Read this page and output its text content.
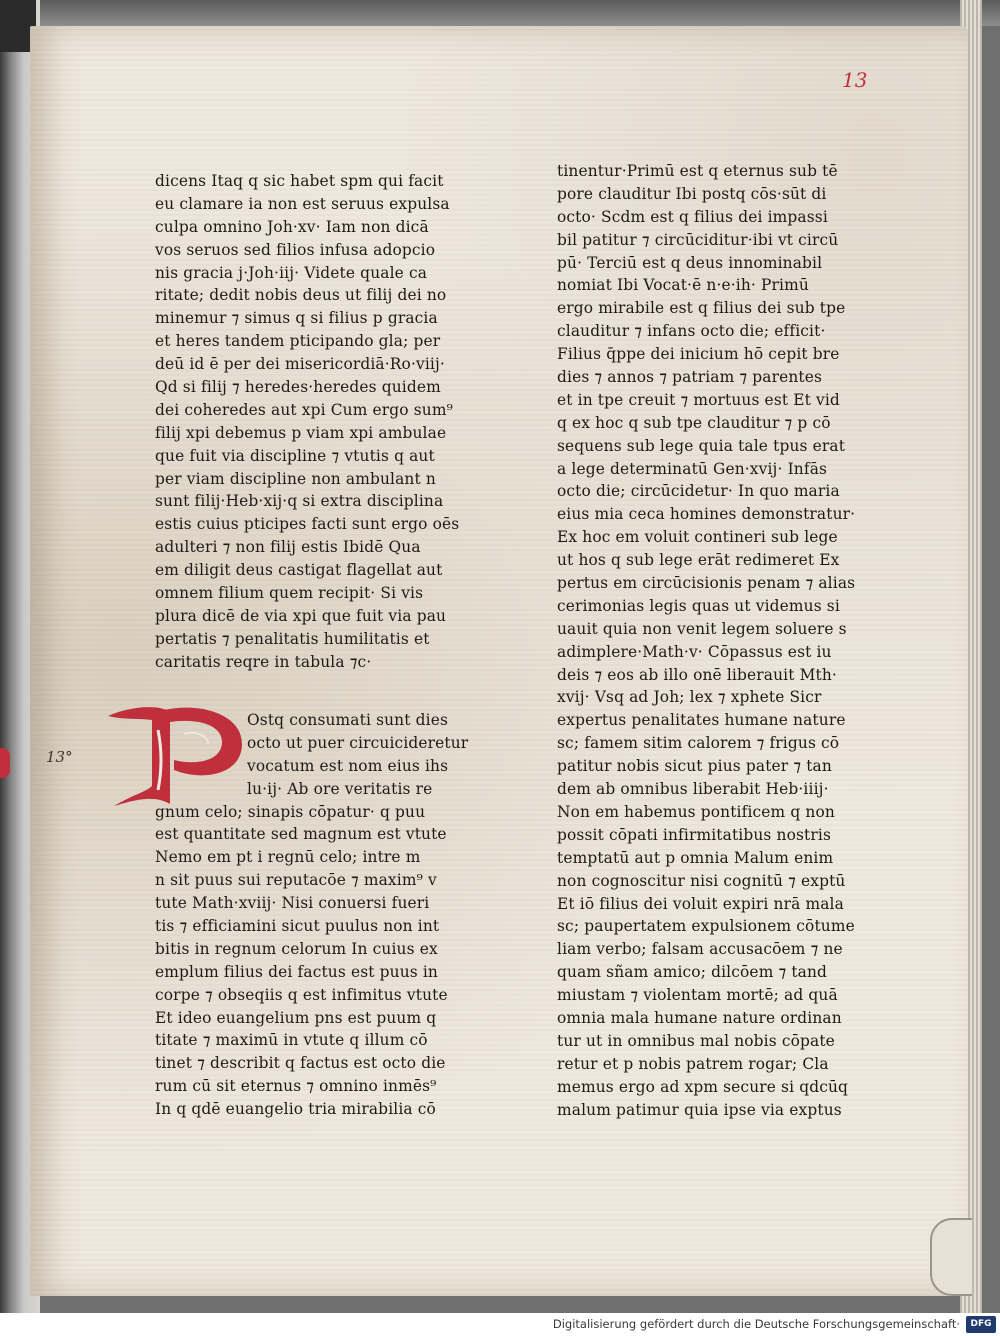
13
13°
dicens Itaq q sic habet spm qui facit
eu clamare ia non est seruus expulsa
culpa omnino Joh·xv· Iam non dicā
vos seruos sed filios infusa adopcio
nis gracia j·Joh·iij· Videte quale ca
ritate; dedit nobis deus ut filij dei no
minemur ⁊ simus q si filius p gracia
et heres tandem pticipando gla; per
deū id ē per dei misericordiā·Ro·viij·
Qd si filij ⁊ heredes·heredes quidem
dei coheredes aut xpi Cum ergo sum⁹
filij xpi debemus p viam xpi ambulae
que fuit via discipline ⁊ vtutis q aut
per viam discipline non ambulant n
sunt filij·Heb·xij·q si extra disciplina
estis cuius pticipes facti sunt ergo oēs
adulteri ⁊ non filij estis Ibidē Qua
em diligit deus castigat flagellat aut
omnem filium quem recipit· Si vis
plura dicē de via xpi que fuit via pau
pertatis ⁊ penalitatis humilitatis et
caritatis reqre in tabula ⁊c·
Ostq consumati sunt dies
octo ut puer circuicideretur
vocatum est nom eius ihs
lu·ij· Ab ore veritatis re
gnum celo; sinapis cōpatur· q puu
est quantitate sed magnum est vtute
Nemo em pt i regnū celo; intre m
n sit puus sui reputacōe ⁊ maxim⁹ v
tute Math·xviij· Nisi conuersi fueri
tis ⁊ efficiamini sicut puulus non int
bitis in regnum celorum In cuius ex
emplum filius dei factus est puus in
corpe ⁊ obseqiis q est infimitus vtute
Et ideo euangelium pns est puum q
titate ⁊ maximū in vtute q illum cō
tinet ⁊ describit q factus est octo die
rum cū sit eternus ⁊ omnino inmēs⁹
In q qdē euangelio tria mirabilia cō
tinentur·Primū est q eternus sub tē
pore clauditur Ibi postq cōs·sūt di
octo· Scdm est q filius dei impassi
bil patitur ⁊ circūciditur·ibi vt circū
pū· Terciū est q deus innominabil
nomiat Ibi Vocat·ē n·e·ih· Primū
ergo mirabile est q filius dei sub tpe
clauditur ⁊ infans octo die; efficit·
Filius q̄ppe dei inicium hō cepit bre
dies ⁊ annos ⁊ patriam ⁊ parentes
et in tpe creuit ⁊ mortuus est Et vid
q ex hoc q sub tpe clauditur ⁊ p cō
sequens sub lege quia tale tpus erat
a lege determinatū Gen·xvij· Infās
octo die; circūcidetur· In quo maria
eius mia ceca homines demonstratur·
Ex hoc em voluit contineri sub lege
ut hos q sub lege erāt redimeret Ex
pertus em circūcisionis penam ⁊ alias
cerimonias legis quas ut videmus si
uauit quia non venit legem soluere s
adimplere·Math·v· Cōpassus est iu
deis ⁊ eos ab illo onē liberauit Mth·
xvij· Vsq ad Joh; lex ⁊ xphete Sicr
expertus penalitates humane nature
sc; famem sitim calorem ⁊ frigus cō
patitur nobis sicut pius pater ⁊ tan
dem ab omnibus liberabit Heb·iiij·
Non em habemus pontificem q non
possit cōpati infirmitatibus nostris
temptatū aut p omnia Malum enim
non cognoscitur nisi cognitū ⁊ exptū
Et iō filius dei voluit expiri nrā mala
sc; paupertatem expulsionem cōtume
liam verbo; falsam accusacōem ⁊ ne
quam sñam amico; dilcōem ⁊ tand
miustam ⁊ violentam mortē; ad quā
omnia mala humane nature ordinan
tur ut in omnibus mal nobis cōpate
retur et p nobis patrem rogar; Cla
memus ergo ad xpm secure si qdcūq
malum patimur quia ipse via exptus
Digitalisierung gefördert durch die Deutsche Forschungsgemeinschaft·	DFG
